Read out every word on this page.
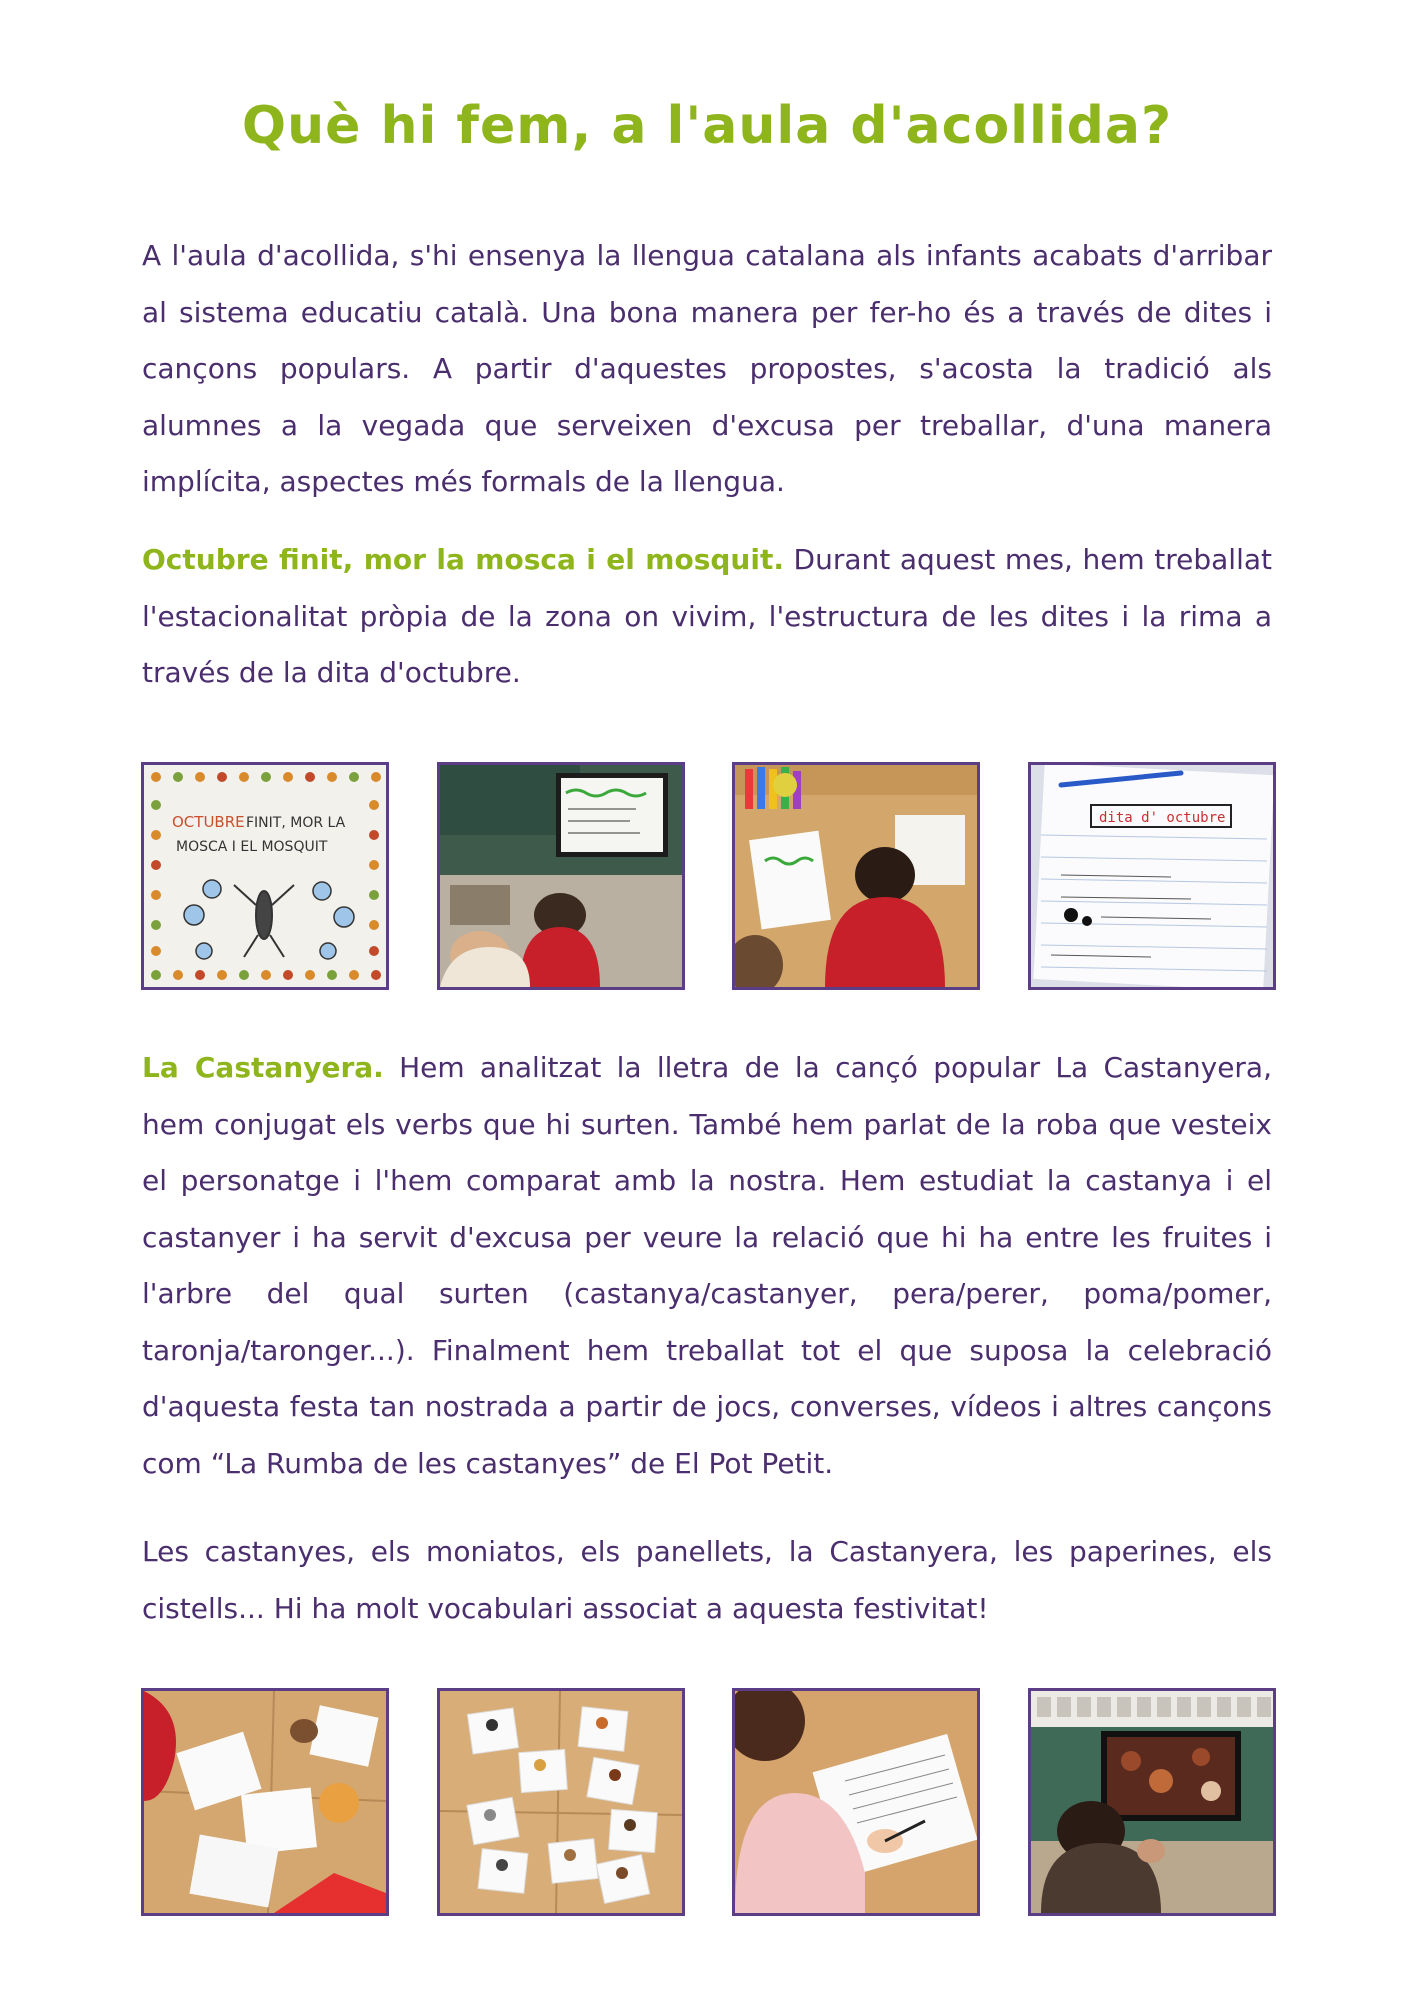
Què hi fem, a l'aula d'acollida?

A l'aula d'acollida, s'hi ensenya la llengua catalana als infants acabats d'arribar al sistema educatiu català. Una bona manera per fer-ho és a través de dites i cançons populars. A partir d'aquestes propostes, s'acosta la tradició als alumnes a la vegada que serveixen d'excusa per treballar, d'una manera implícita, aspectes més formals de la llengua.

Octubre finit, mor la mosca i el mosquit. Durant aquest mes, hem treballat l'estacionalitat pròpia de la zona on vivim, l'estructura de les dites i la rima a través de la dita d'octubre.

OCTUBRE FINIT, MOR LA
MOSCA I EL MOSQUIT
dita d' octubre

La Castanyera. Hem analitzat la lletra de la cançó popular La Castanyera, hem conjugat els verbs que hi surten. També hem parlat de la roba que vesteix el personatge i l'hem comparat amb la nostra. Hem estudiat la castanya i el castanyer i ha servit d'excusa per veure la relació que hi ha entre les fruites i l'arbre del qual surten (castanya/castanyer, pera/perer, poma/pomer, taronja/taronger...). Finalment hem treballat tot el que suposa la celebració d'aquesta festa tan nostrada a partir de jocs, converses, vídeos i altres cançons com “La Rumba de les castanyes” de El Pot Petit.

Les castanyes, els moniatos, els panellets, la Castanyera, les paperines, els cistells... Hi ha molt vocabulari associat a aquesta festivitat!
